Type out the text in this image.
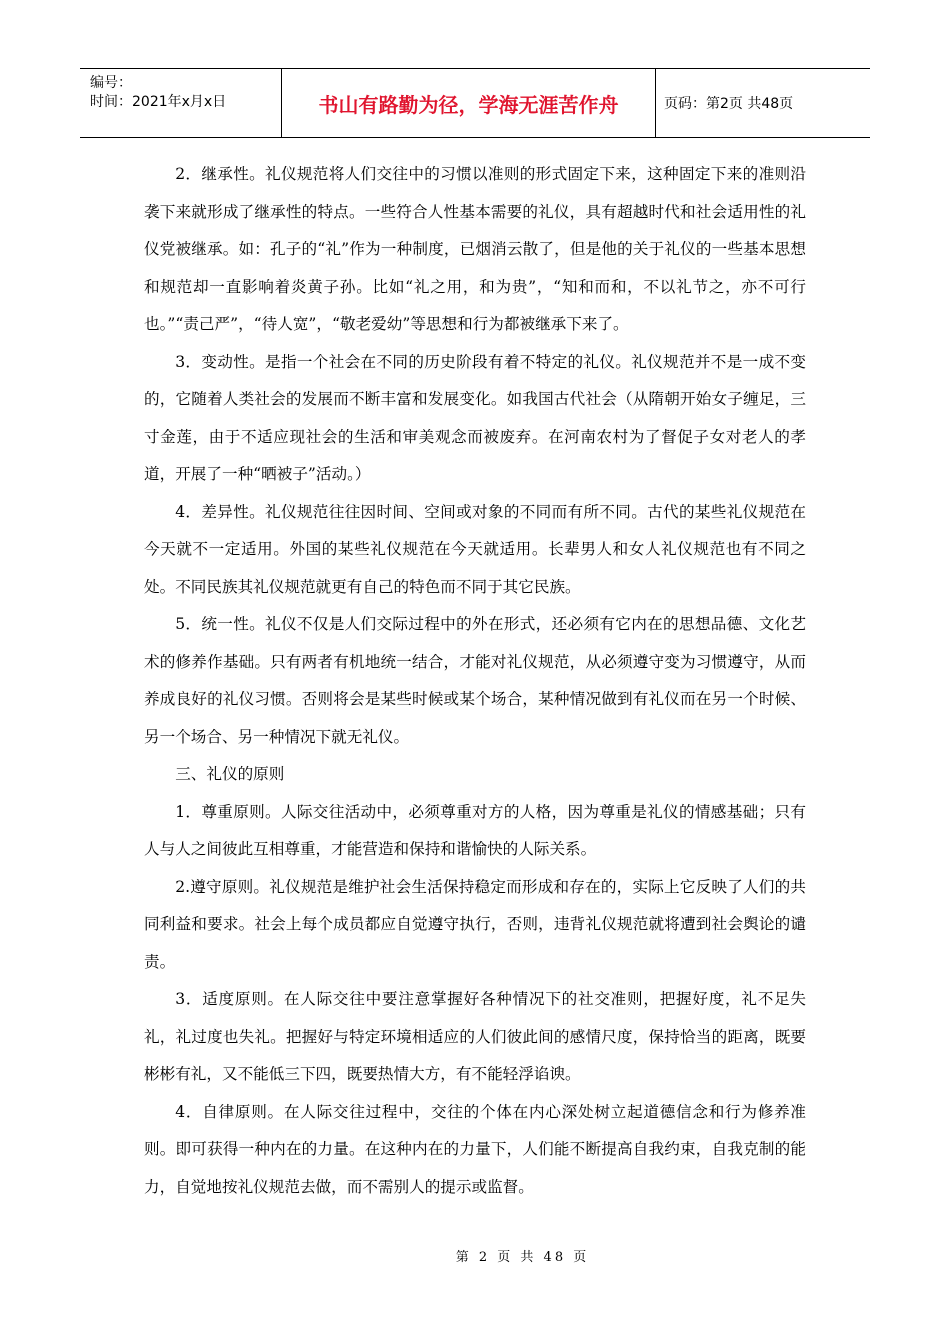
编号：
时间：2021年x月x日	书山有路勤为径，学海无涯苦作舟	页码：第2页 共48页

2．继承性。礼仪规范将人们交往中的习惯以准则的形式固定下来，这种固定下来的准则沿袭下来就形成了继承性的特点。一些符合人性基本需要的礼仪，具有超越时代和社会适用性的礼仪党被继承。如：孔子的“礼”作为一种制度，已烟消云散了，但是他的关于礼仪的一些基本思想和规范却一直影响着炎黄子孙。比如“礼之用，和为贵”，“知和而和，不以礼节之，亦不可行也。”“责己严”，“待人宽”，“敬老爱幼”等思想和行为都被继承下来了。

3．变动性。是指一个社会在不同的历史阶段有着不特定的礼仪。礼仪规范并不是一成不变的，它随着人类社会的发展而不断丰富和发展变化。如我国古代社会（从隋朝开始女子缠足，三寸金莲，由于不适应现社会的生活和审美观念而被废弃。在河南农村为了督促子女对老人的孝道，开展了一种“晒被子”活动。）

4．差异性。礼仪规范往往因时间、空间或对象的不同而有所不同。古代的某些礼仪规范在今天就不一定适用。外国的某些礼仪规范在今天就适用。长辈男人和女人礼仪规范也有不同之处。不同民族其礼仪规范就更有自己的特色而不同于其它民族。

5．统一性。礼仪不仅是人们交际过程中的外在形式，还必须有它内在的思想品德、文化艺术的修养作基础。只有两者有机地统一结合，才能对礼仪规范，从必须遵守变为习惯遵守，从而养成良好的礼仪习惯。否则将会是某些时候或某个场合，某种情况做到有礼仪而在另一个时候、另一个场合、另一种情况下就无礼仪。

三、礼仪的原则

1．尊重原则。人际交往活动中，必须尊重对方的人格，因为尊重是礼仪的情感基础；只有人与人之间彼此互相尊重，才能营造和保持和谐愉快的人际关系。

2.遵守原则。礼仪规范是维护社会生活保持稳定而形成和存在的，实际上它反映了人们的共同利益和要求。社会上每个成员都应自觉遵守执行，否则，违背礼仪规范就将遭到社会舆论的谴责。

3．适度原则。在人际交往中要注意掌握好各种情况下的社交准则，把握好度，礼不足失礼，礼过度也失礼。把握好与特定环境相适应的人们彼此间的感情尺度，保持恰当的距离，既要彬彬有礼，又不能低三下四，既要热情大方，有不能轻浮谄谀。

4．自律原则。在人际交往过程中，交往的个体在内心深处树立起道德信念和行为修养准则。即可获得一种内在的力量。在这种内在的力量下，人们能不断提高自我约束，自我克制的能力，自觉地按礼仪规范去做，而不需别人的提示或监督。

第 2 页 共 48 页
